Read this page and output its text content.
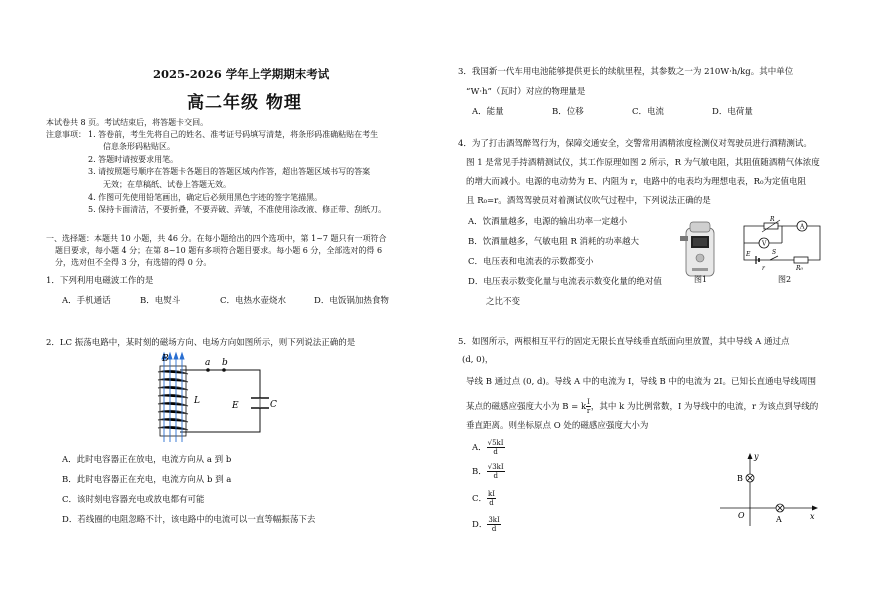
2025-2026 学年上学期期末考试
高二年级 物理
本试卷共 8 页。考试结束后，将答题卡交回。
注意事项： 1. 答卷前，考生先将自己的姓名、准考证号码填写清楚，将条形码准确粘贴在考生
信息条形码粘贴区。
2. 答题时请按要求用笔。
3. 请按照题号顺序在答题卡各题目的答题区域内作答，超出答题区域书写的答案
无效；在草稿纸、试卷上答题无效。
4. 作图可先使用铅笔画出，确定后必须用黑色字迹的签字笔描黑。
5. 保持卡面清洁，不要折叠，不要弄破、弄皱，不准使用涂改液、修正带、刮纸刀。
一、选择题：本题共 10 小题，共 46 分。在每小题给出的四个选项中，第 1~7 题只有一项符合
题目要求，每小题 4 分；在第 8~10 题有多项符合题目要求。每小题 6 分，全部选对的得 6
分，选对但不全得 3 分，有选错的得 0 分。
1．下列利用电磁波工作的是
A．手机通话	B．电熨斗	C．电热水壶烧水	D．电饭锅加热食物
2．LC 振荡电路中，某时刻的磁场方向、电场方向如图所示，则下列说法正确的是
B	a b
L	E	C
A．此时电容器正在放电，电流方向从 a 到 b
B．此时电容器正在充电，电流方向从 b 到 a
C．该时刻电容器充电或放电都有可能
D．若线圈的电阻忽略不计，该电路中的电流可以一直等幅振荡下去
3．我国新一代车用电池能够提供更长的续航里程，其参数之一为 210W·h/kg。其中单位
“W·h”（瓦时）对应的物理量是
A．能量	B．位移	C．电流	D．电荷量
4．为了打击酒驾醉驾行为，保障交通安全，交警常用酒精浓度检测仪对驾驶员进行酒精测试。
图 1 是常见手持酒精测试仪，其工作原理如图 2 所示，R 为气敏电阻，其阻值随酒精气体浓度
的增大而减小。电源的电动势为 E、内阻为 r，电路中的电表均为理想电表，R₀为定值电阻
且 R₀=r。酒驾驾驶员对着测试仪吹气过程中，下列说法正确的是
A．饮酒量越多，电源的输出功率一定越小
B．饮酒量越多，气敏电阻 R 消耗的功率越大
C．电压表和电流表的示数都变小
D．电压表示数变化量与电流表示数变化量的绝对值
之比不变
图1
R
A
V
E	S
r	R₀
图2
5．如图所示，两根相互平行的固定无限长直导线垂直纸面向里放置，其中导线 A 通过点
(d, 0)，
导线 B 通过点 (0, d)。导线 A 中的电流为 I，导线 B 中的电流为 2I。已知长直通电导线周围
某点的磁感应强度大小为 B = k $\frac{I}{r}$ ，其中 k 为比例常数，I 为导线中的电流，r 为该点到导线的
垂直距离。则坐标原点 O 处的磁感应强度大小为
A． $\frac{√5kI}{d}$
B． $\frac{√3kI}{d}$
C． $\frac{kI}{d}$
D． $\frac{3kI}{d}$
y
x
O
B
A
